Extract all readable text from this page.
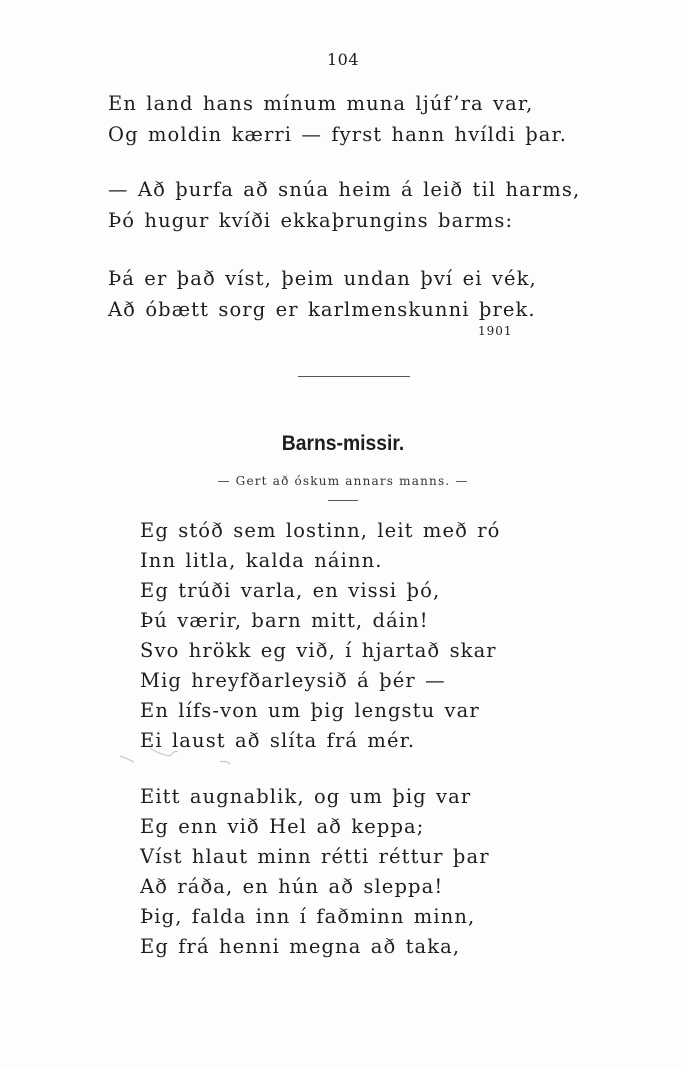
104
En land hans mínum muna ljúf’ra var,
Og moldin kærri — fyrst hann hvíldi þar.
— Að þurfa að snúa heim á leið til harms,
Þó hugur kvíði ekkaþrungins barms:
Þá er það víst, þeim undan því ei vék,
Að óbætt sorg er karlmenskunni þrek.
1901
Barns-missir.
— Gert að óskum annars manns. —
Eg stóð sem lostinn, leit með ró
Inn litla, kalda náinn.
Eg trúði varla, en vissi þó,
Þú værir, barn mitt, dáin!
Svo hrökk eg við, í hjartað skar
Mig hreyfðarleysið á þér —
En lífs-von um þig lengstu var
Ei laust að slíta frá mér.
Eitt augnablik, og um þig var
Eg enn við Hel að keppa;
Víst hlaut minn rétti réttur þar
Að ráða, en hún að sleppa!
Þig, falda inn í faðminn minn,
Eg frá henni megna að taka,
